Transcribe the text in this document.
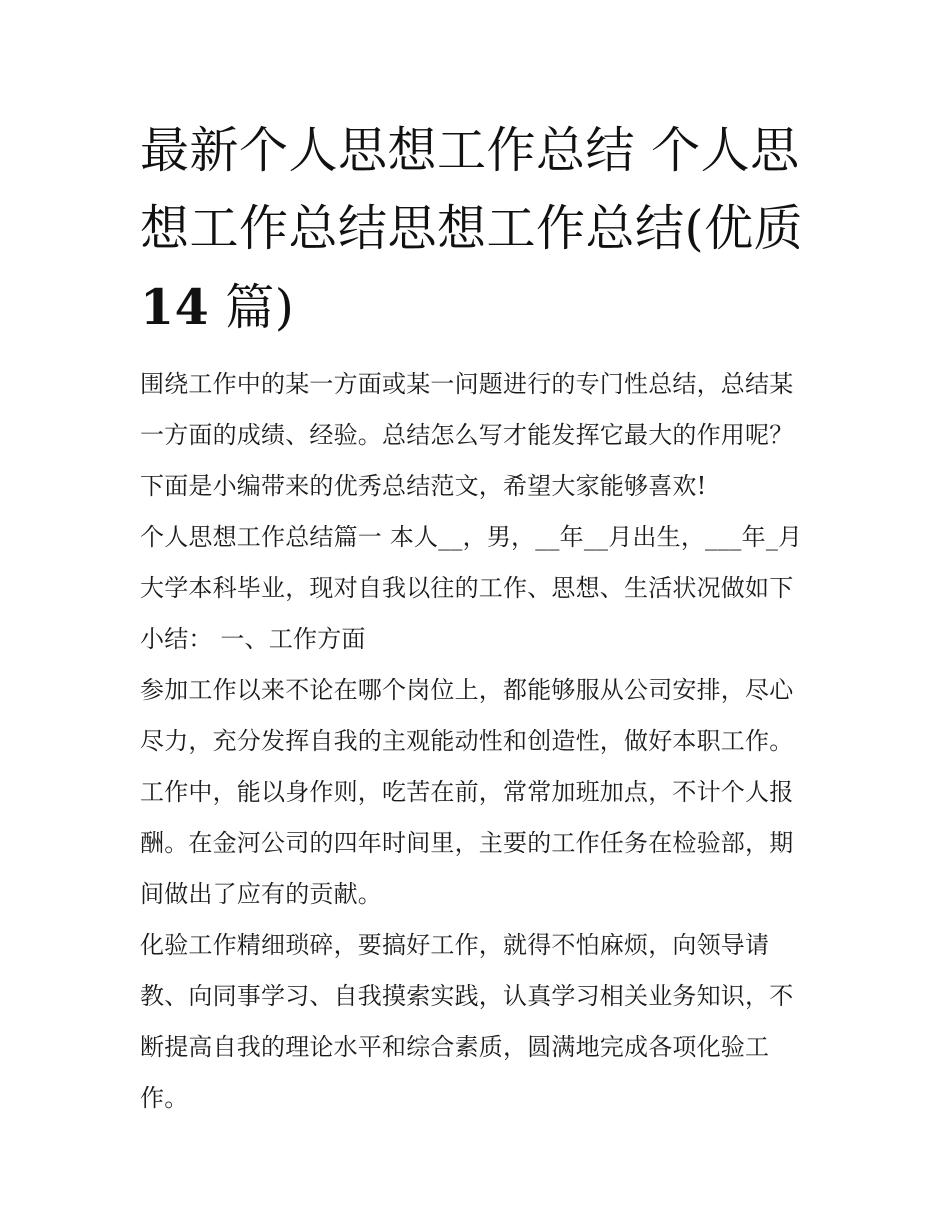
最新个人思想工作总结 个人思想工作总结思想工作总结(优质
14 篇)

围绕工作中的某一方面或某一问题进行的专门性总结，总结某一方面的成绩、经验。总结怎么写才能发挥它最大的作用呢？下面是小编带来的优秀总结范文，希望大家能够喜欢!

个人思想工作总结篇一 本人__，男，__年__月出生，___年_月大学本科毕业，现对自我以往的工作、思想、生活状况做如下小结： 一、工作方面

参加工作以来不论在哪个岗位上，都能够服从公司安排，尽心尽力，充分发挥自我的主观能动性和创造性，做好本职工作。工作中，能以身作则，吃苦在前，常常加班加点，不计个人报酬。在金河公司的四年时间里，主要的工作任务在检验部，期间做出了应有的贡献。

化验工作精细琐碎，要搞好工作，就得不怕麻烦，向领导请教、向同事学习、自我摸索实践，认真学习相关业务知识，不断提高自我的理论水平和综合素质，圆满地完成各项化验工作。
